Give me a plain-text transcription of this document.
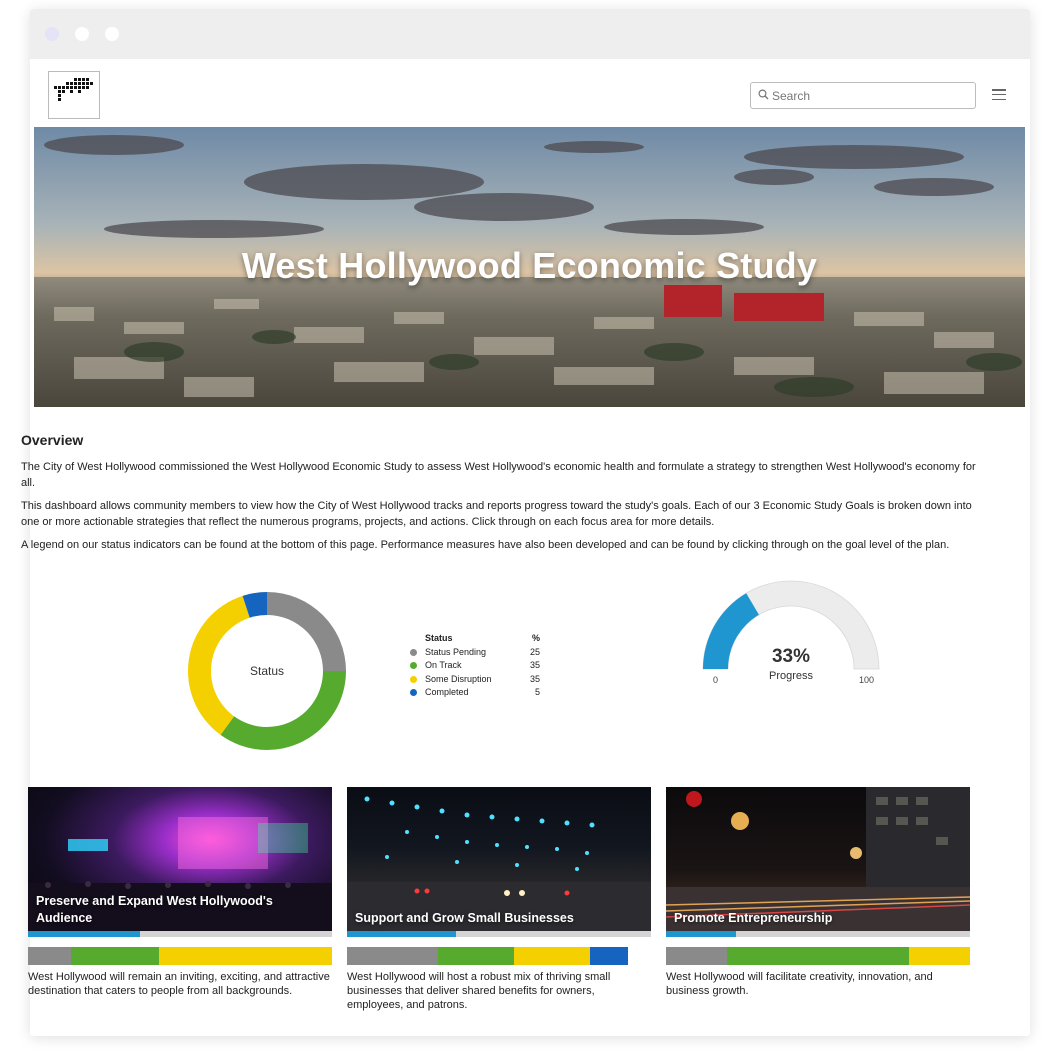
Search
West Hollywood Economic Study
Overview

The City of West Hollywood commissioned the West Hollywood Economic Study to assess West Hollywood's economic health and formulate a strategy to strengthen West Hollywood's economy for all.

This dashboard allows community members to view how the City of West Hollywood tracks and reports progress toward the study's goals. Each of our 3 Economic Study Goals is broken down into one or more actionable strategies that reflect the numerous programs, projects, and actions. Click through on each focus area for more details.

A legend on our status indicators can be found at the bottom of this page. Performance measures have also been developed and can be found by clicking through on the goal level of the plan.

Status
Status	%
Status Pending	25
On Track	35
Some Disruption	35
Completed	5
33%
Progress
0	100
Preserve and Expand West Hollywood's Audience
West Hollywood will remain an inviting, exciting, and attractive destination that caters to people from all backgrounds.
Support and Grow Small Businesses
West Hollywood will host a robust mix of thriving small businesses that deliver shared benefits for owners, employees, and patrons.
Promote Entrepreneurship
West Hollywood will facilitate creativity, innovation, and business growth.
